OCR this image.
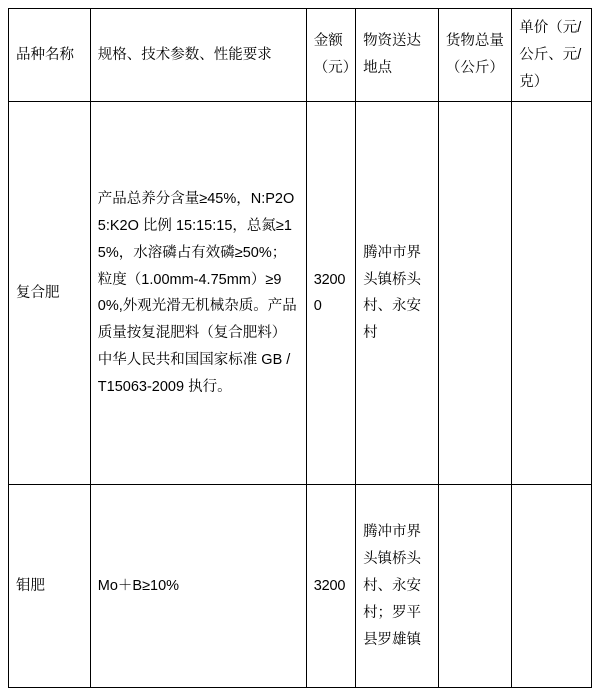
品种名称	规格、技术参数、性能要求	金额（元）	物资送达地点	货物总量（公斤）	单价（元/公斤、元/克）
复合肥	产品总养分含量≥45%，N:P2O5:K2O 比例 15:15:15，总氮≥15%，水溶磷占有效磷≥50%；粒度（1.00mm-4.75mm）≥90%,外观光滑无机械杂质。产品质量按复混肥料（复合肥料）中华人民共和国国家标准 GB /T15063-2009 执行。	32000	腾冲市界头镇桥头村、永安村		
钼肥	Mo＋B≥10%	3200	腾冲市界头镇桥头村、永安村；罗平县罗雄镇		
